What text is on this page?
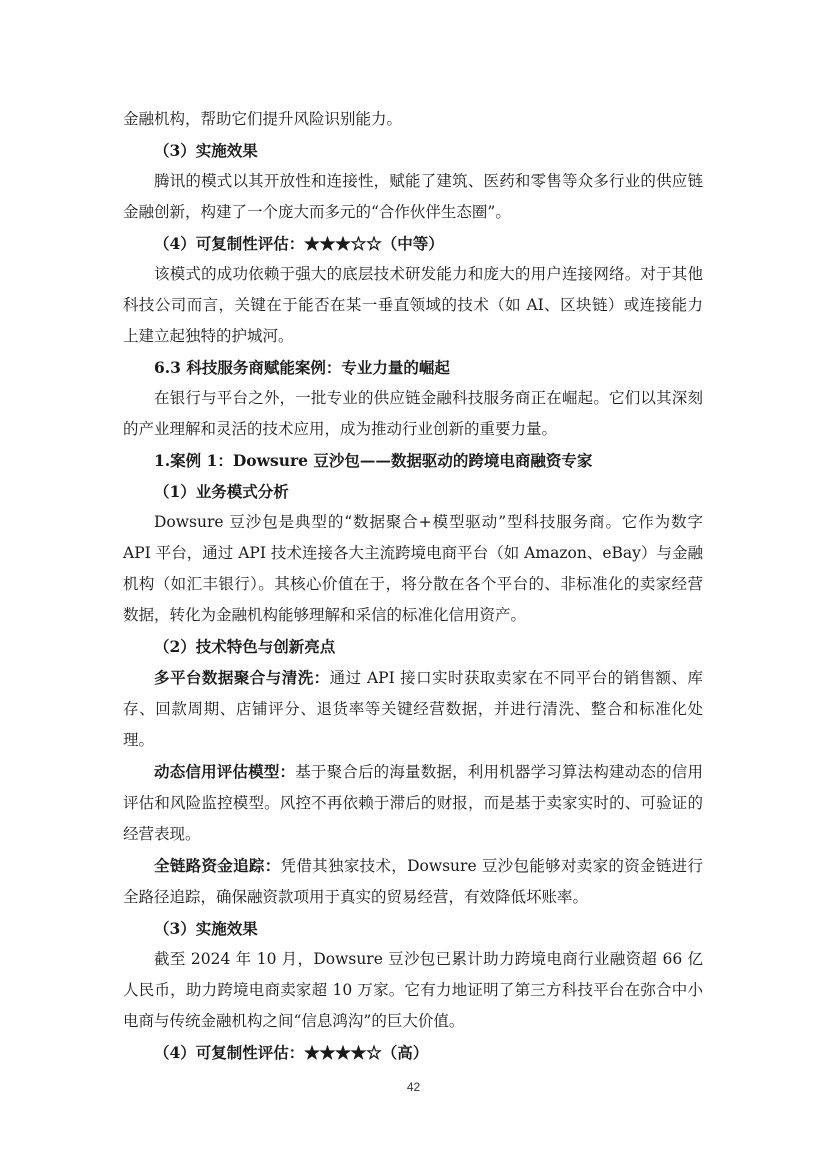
金融机构，帮助它们提升风险识别能力。

（3）实施效果

腾讯的模式以其开放性和连接性，赋能了建筑、医药和零售等众多行业的供应链金融创新，构建了一个庞大而多元的“合作伙伴生态圈”。

（4）可复制性评估：★★★☆☆（中等）

该模式的成功依赖于强大的底层技术研发能力和庞大的用户连接网络。对于其他科技公司而言，关键在于能否在某一垂直领域的技术（如 AI、区块链）或连接能力上建立起独特的护城河。

6.3 科技服务商赋能案例：专业力量的崛起

在银行与平台之外，一批专业的供应链金融科技服务商正在崛起。它们以其深刻的产业理解和灵活的技术应用，成为推动行业创新的重要力量。

1.案例 1：Dowsure 豆沙包——数据驱动的跨境电商融资专家

（1）业务模式分析

Dowsure 豆沙包是典型的“数据聚合+模型驱动”型科技服务商。它作为数字 API 平台，通过 API 技术连接各大主流跨境电商平台（如 Amazon、eBay）与金融机构（如汇丰银行）。其核心价值在于，将分散在各个平台的、非标准化的卖家经营数据，转化为金融机构能够理解和采信的标准化信用资产。

（2）技术特色与创新亮点

多平台数据聚合与清洗：通过 API 接口实时获取卖家在不同平台的销售额、库存、回款周期、店铺评分、退货率等关键经营数据，并进行清洗、整合和标准化处理。

动态信用评估模型：基于聚合后的海量数据，利用机器学习算法构建动态的信用评估和风险监控模型。风控不再依赖于滞后的财报，而是基于卖家实时的、可验证的经营表现。

全链路资金追踪：凭借其独家技术，Dowsure 豆沙包能够对卖家的资金链进行全路径追踪，确保融资款项用于真实的贸易经营，有效降低坏账率。

（3）实施效果

截至 2024 年 10 月，Dowsure 豆沙包已累计助力跨境电商行业融资超 66 亿人民币，助力跨境电商卖家超 10 万家。它有力地证明了第三方科技平台在弥合中小电商与传统金融机构之间“信息鸿沟”的巨大价值。

（4）可复制性评估：★★★★☆（高）

42
